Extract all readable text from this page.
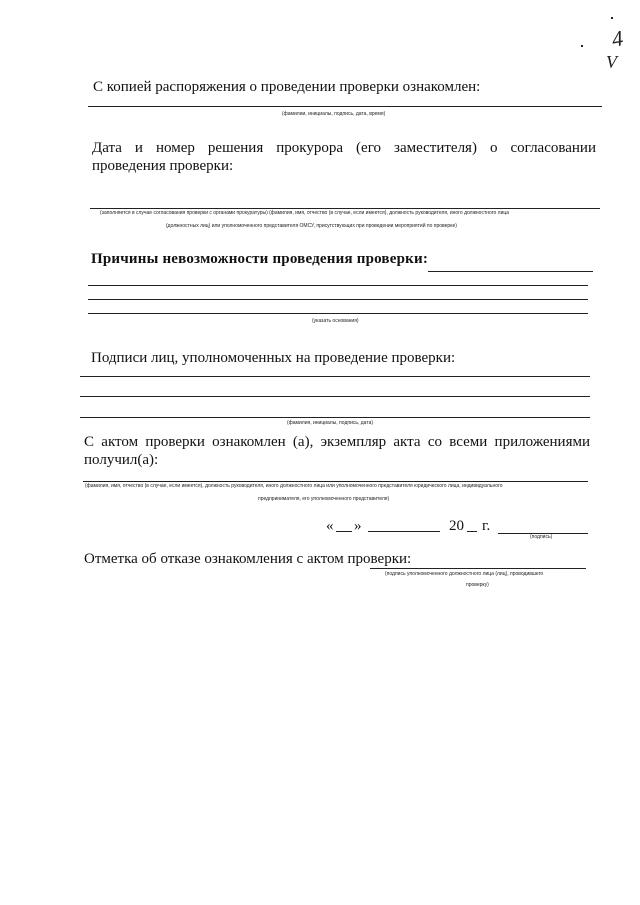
4
V
С копией распоряжения о проведении проверки ознакомлен:
(фамилии, инициалы, подпись, дата, время)
Дата и номер решения прокурора (его заместителя) о согласовании
проведения проверки:
(заполняется в случае согласования проверки с органами прокуратуры) (фамилия, имя, отчество (в случае, если имеется), должность руководителя, иного должностного лица
(должностных лиц) или уполномоченного представителя ОМСУ, присутствующих при проведении мероприятий по проверке)
Причины невозможности проведения проверки:
(указать основания)
Подписи лиц, уполномоченных на проведение проверки:
(фамилия, инициалы, подпись, дата)
С актом проверки ознакомлен (а), экземпляр акта со всеми приложениями
получил(а):
(фамилия, имя, отчество (в случае, если имеется), должность руководителя, иного должностного лица или уполномоченного представителя юридического лица, индивидуального
предпринимателя, его уполномоченного представителя)
« »	20 г.
(подпись)
Отметка об отказе ознакомления с актом проверки:
(подпись уполномоченного должностного лица (лиц), проводившего
проверку)
